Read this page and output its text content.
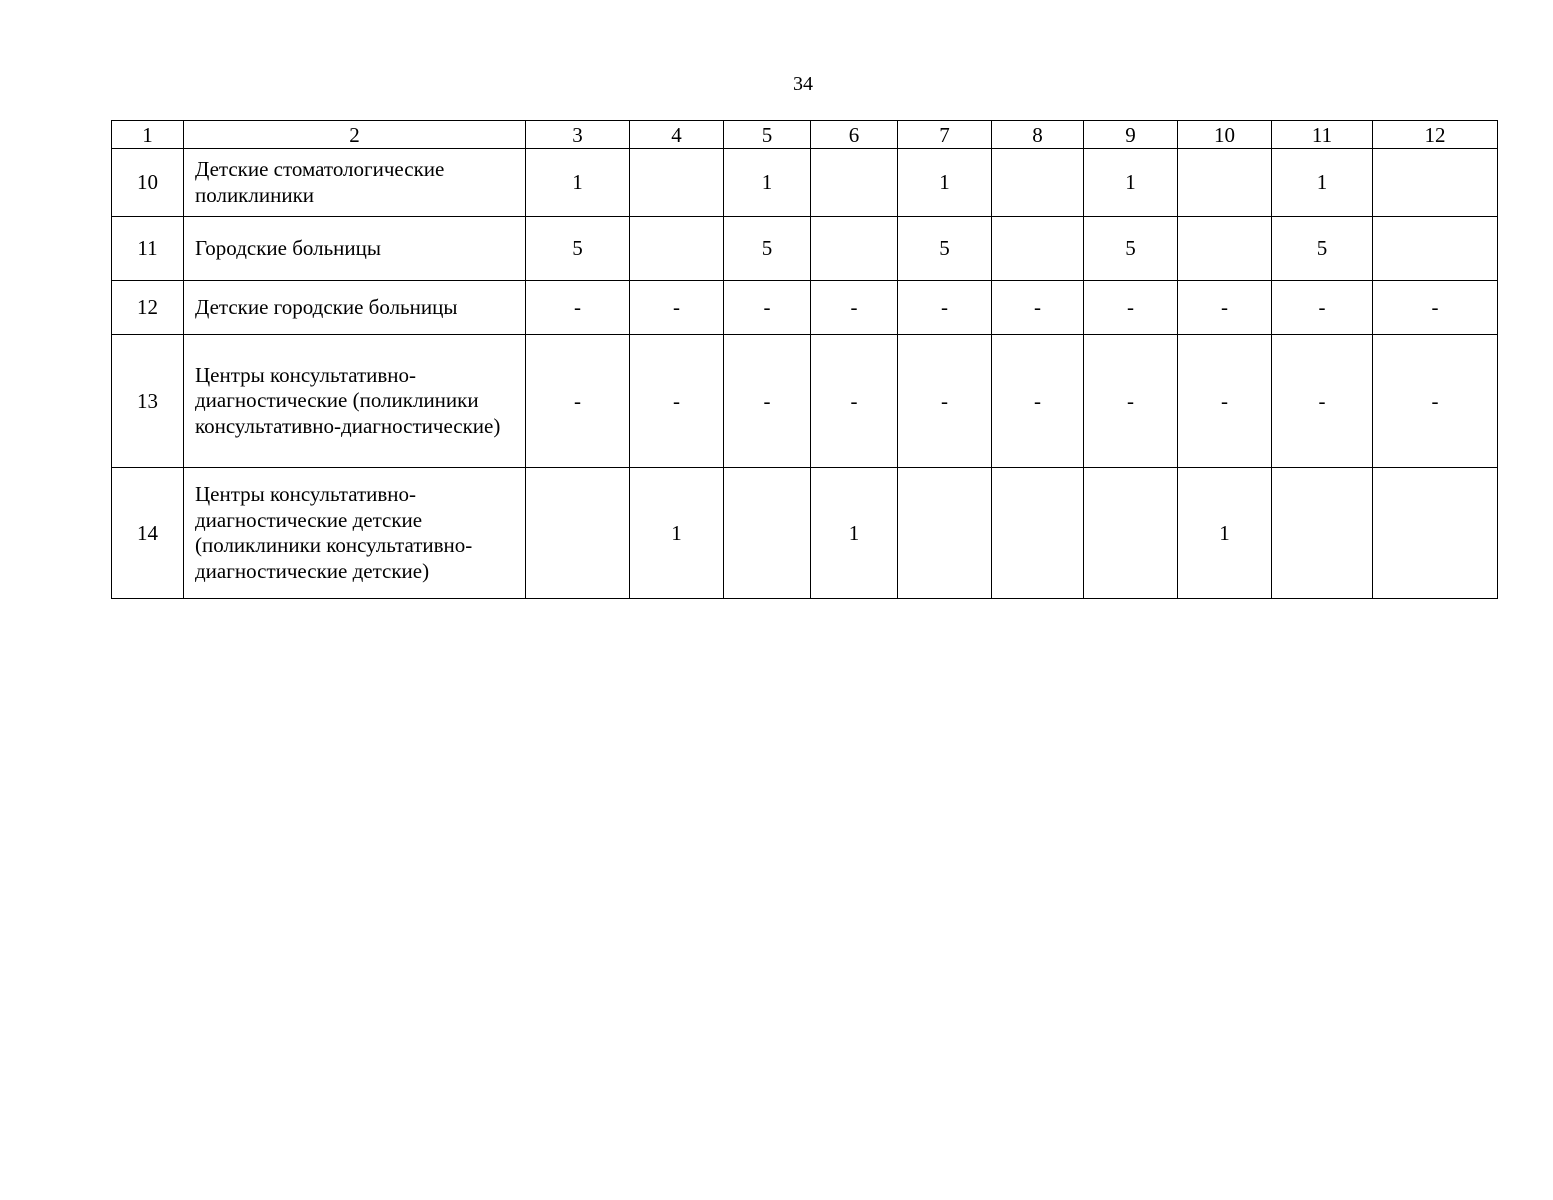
34
1	2	3	4	5	6	7	8	9	10	11	12
10	Детские стоматологические поликлиники	1		1		1		1		1	
11	Городские больницы	5		5		5		5		5	
12	Детские городские больницы	-	-	-	-	-	-	-	-	-	-
13	Центры консультативно-диагностические (поликлиники консультативно-диагностические)	-	-	-	-	-	-	-	-	-	-
14	Центры консультативно-диагностические детские (поликлиники консультативно-диагностические детские)		1		1				1		
